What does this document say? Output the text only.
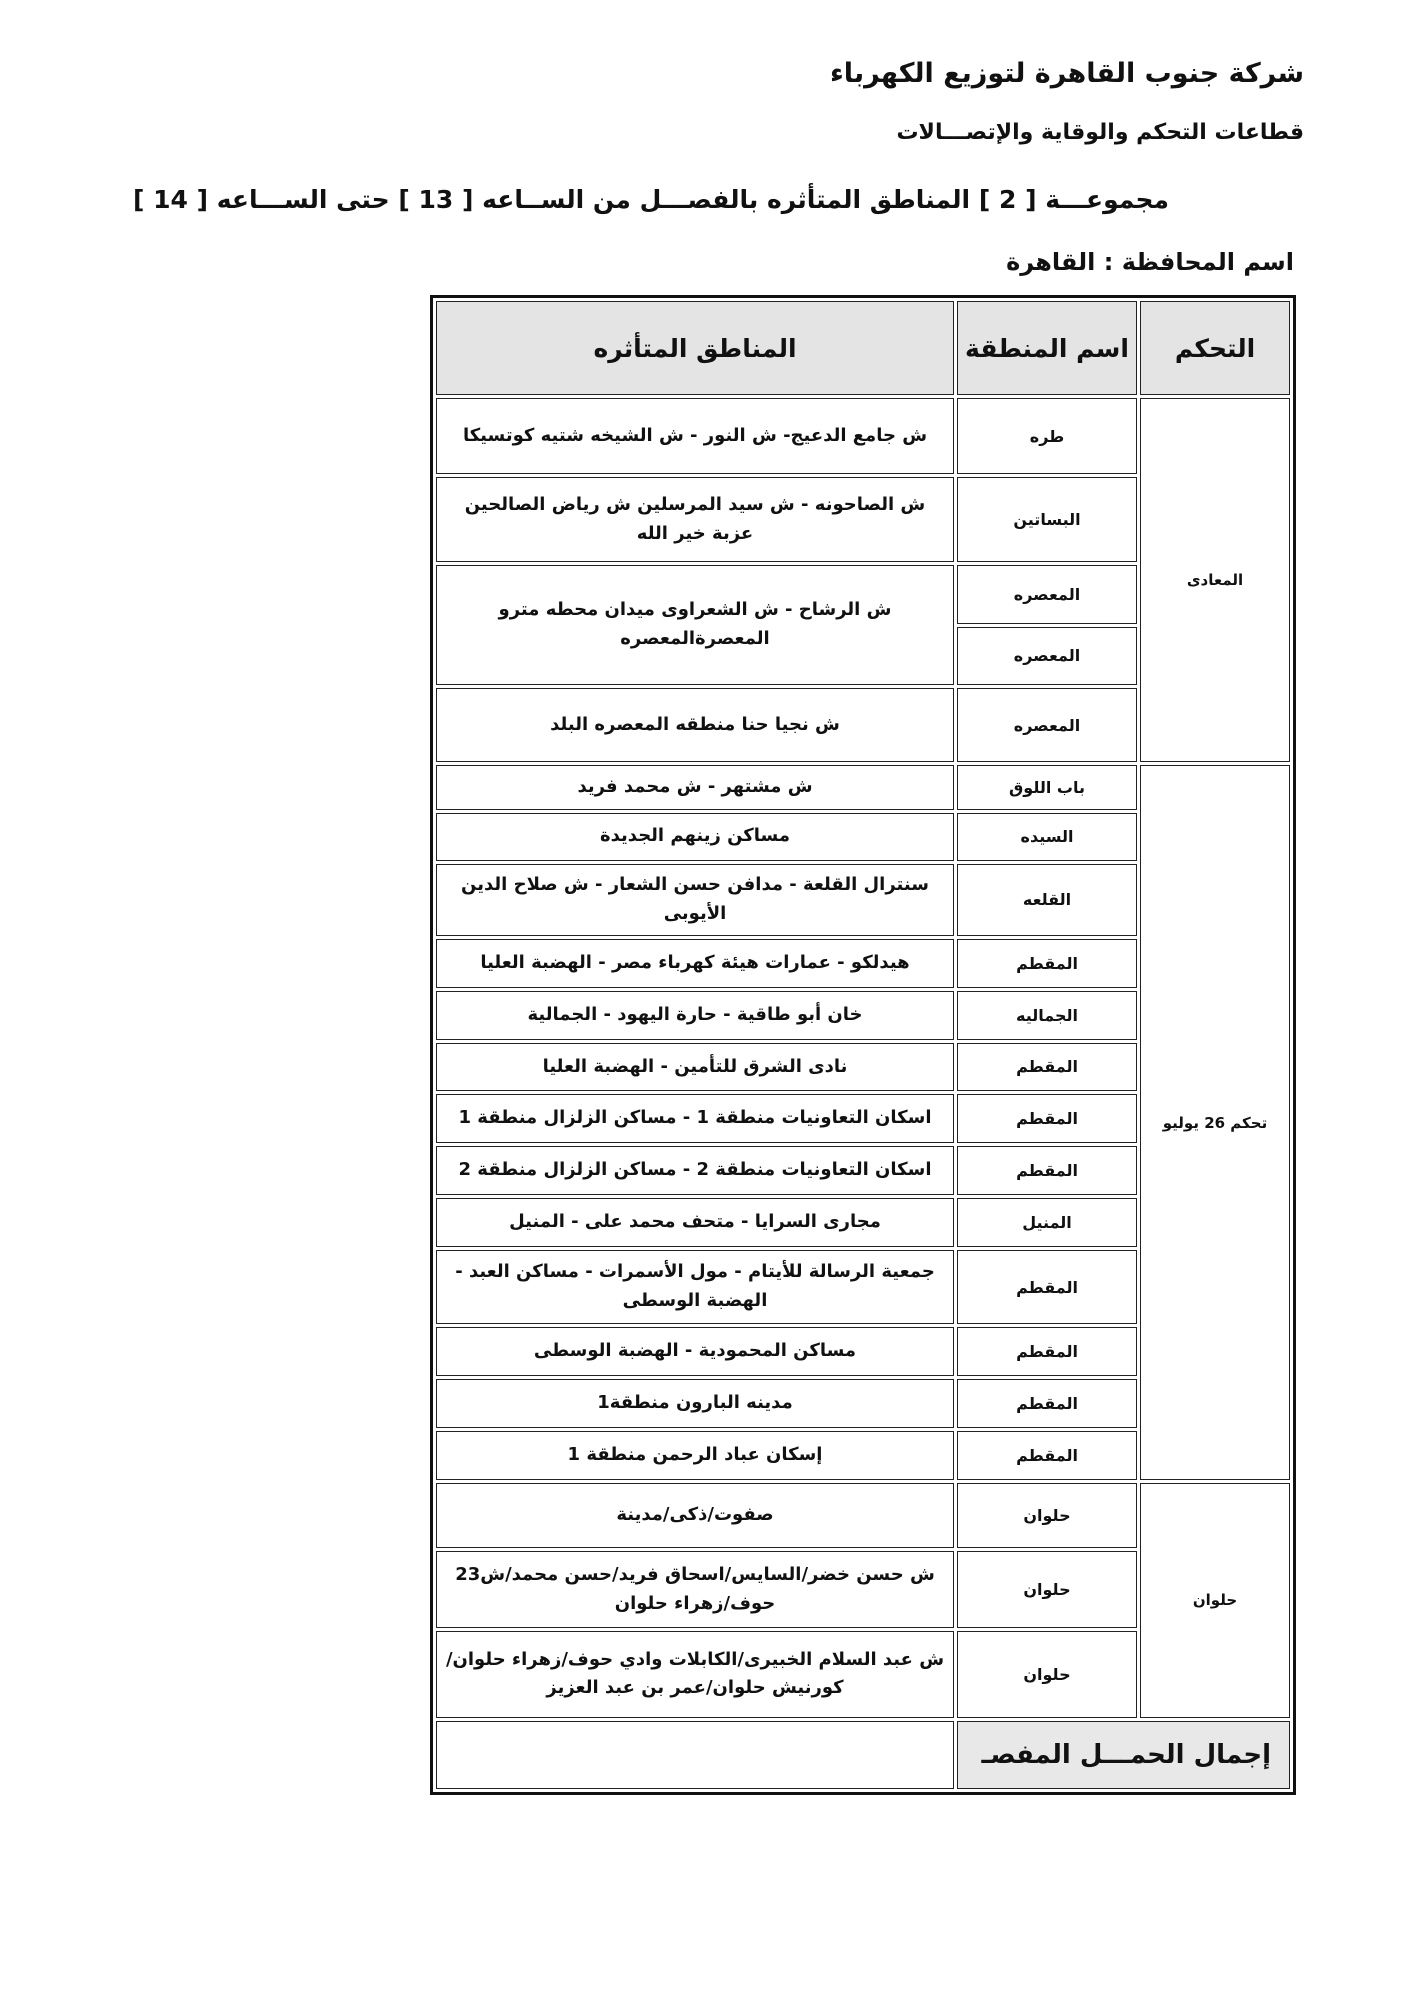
شركة جنوب القاهرة لتوزيع الكهرباء
قطاعات التحكم والوقاية والإتصـــالات
مجموعـــة [ 2 ] المناطق المتأثره بالفصـــل من الســاعه [ 13 ] حتى الســـاعه [ 14 ]
اسم المحافظة : القاهرة
التحكم	اسم المنطقة	المناطق المتأثره
المعادى	طره	ش جامع الدعيج- ش النور - ش الشيخه شتيه كوتسيكا
	البساتين	ش الصاحونه - ش سيد المرسلين ش رياض الصالحين عزبة خير الله
	المعصره	ش الرشاح - ش الشعراوى ميدان محطه مترو المعصرةالمعصره
	المعصره	
	المعصره	ش نجيا حنا منطقه المعصره البلد
تحكم 26 يوليو	باب اللوق	ش مشتهر - ش محمد فريد
	السيده	مساكن زينهم الجديدة
	القلعه	سنترال القلعة - مدافن حسن الشعار - ش صلاح الدين الأيوبى
	المقطم	هيدلكو - عمارات هيئة كهرباء مصر - الهضبة العليا
	الجماليه	خان أبو طاقية - حارة اليهود - الجمالية
	المقطم	نادى الشرق للتأمين - الهضبة العليا
	المقطم	اسكان التعاونيات منطقة 1 - مساكن الزلزال منطقة 1
	المقطم	اسكان التعاونيات منطقة 2 - مساكن الزلزال منطقة 2
	المنيل	مجارى السرايا - متحف محمد على - المنيل
	المقطم	جمعية الرسالة للأيتام - مول الأسمرات - مساكن العبد - الهضبة الوسطى
	المقطم	مساكن المحمودية - الهضبة الوسطى
	المقطم	مدينه البارون منطقة1
	المقطم	إسكان عباد الرحمن منطقة 1
حلوان	حلوان	صفوت/ذكى/مدينة
	حلوان	ش حسن خضر/السايس/اسحاق فريد/حسن محمد/ش23 حوف/زهراء حلوان
	حلوان	ش عبد السلام الخبيرى/الكابلات وادي حوف/زهراء حلوان/كورنيش حلوان/عمر بن عبد العزيز
إجمال الحمـــل المفصـ		
